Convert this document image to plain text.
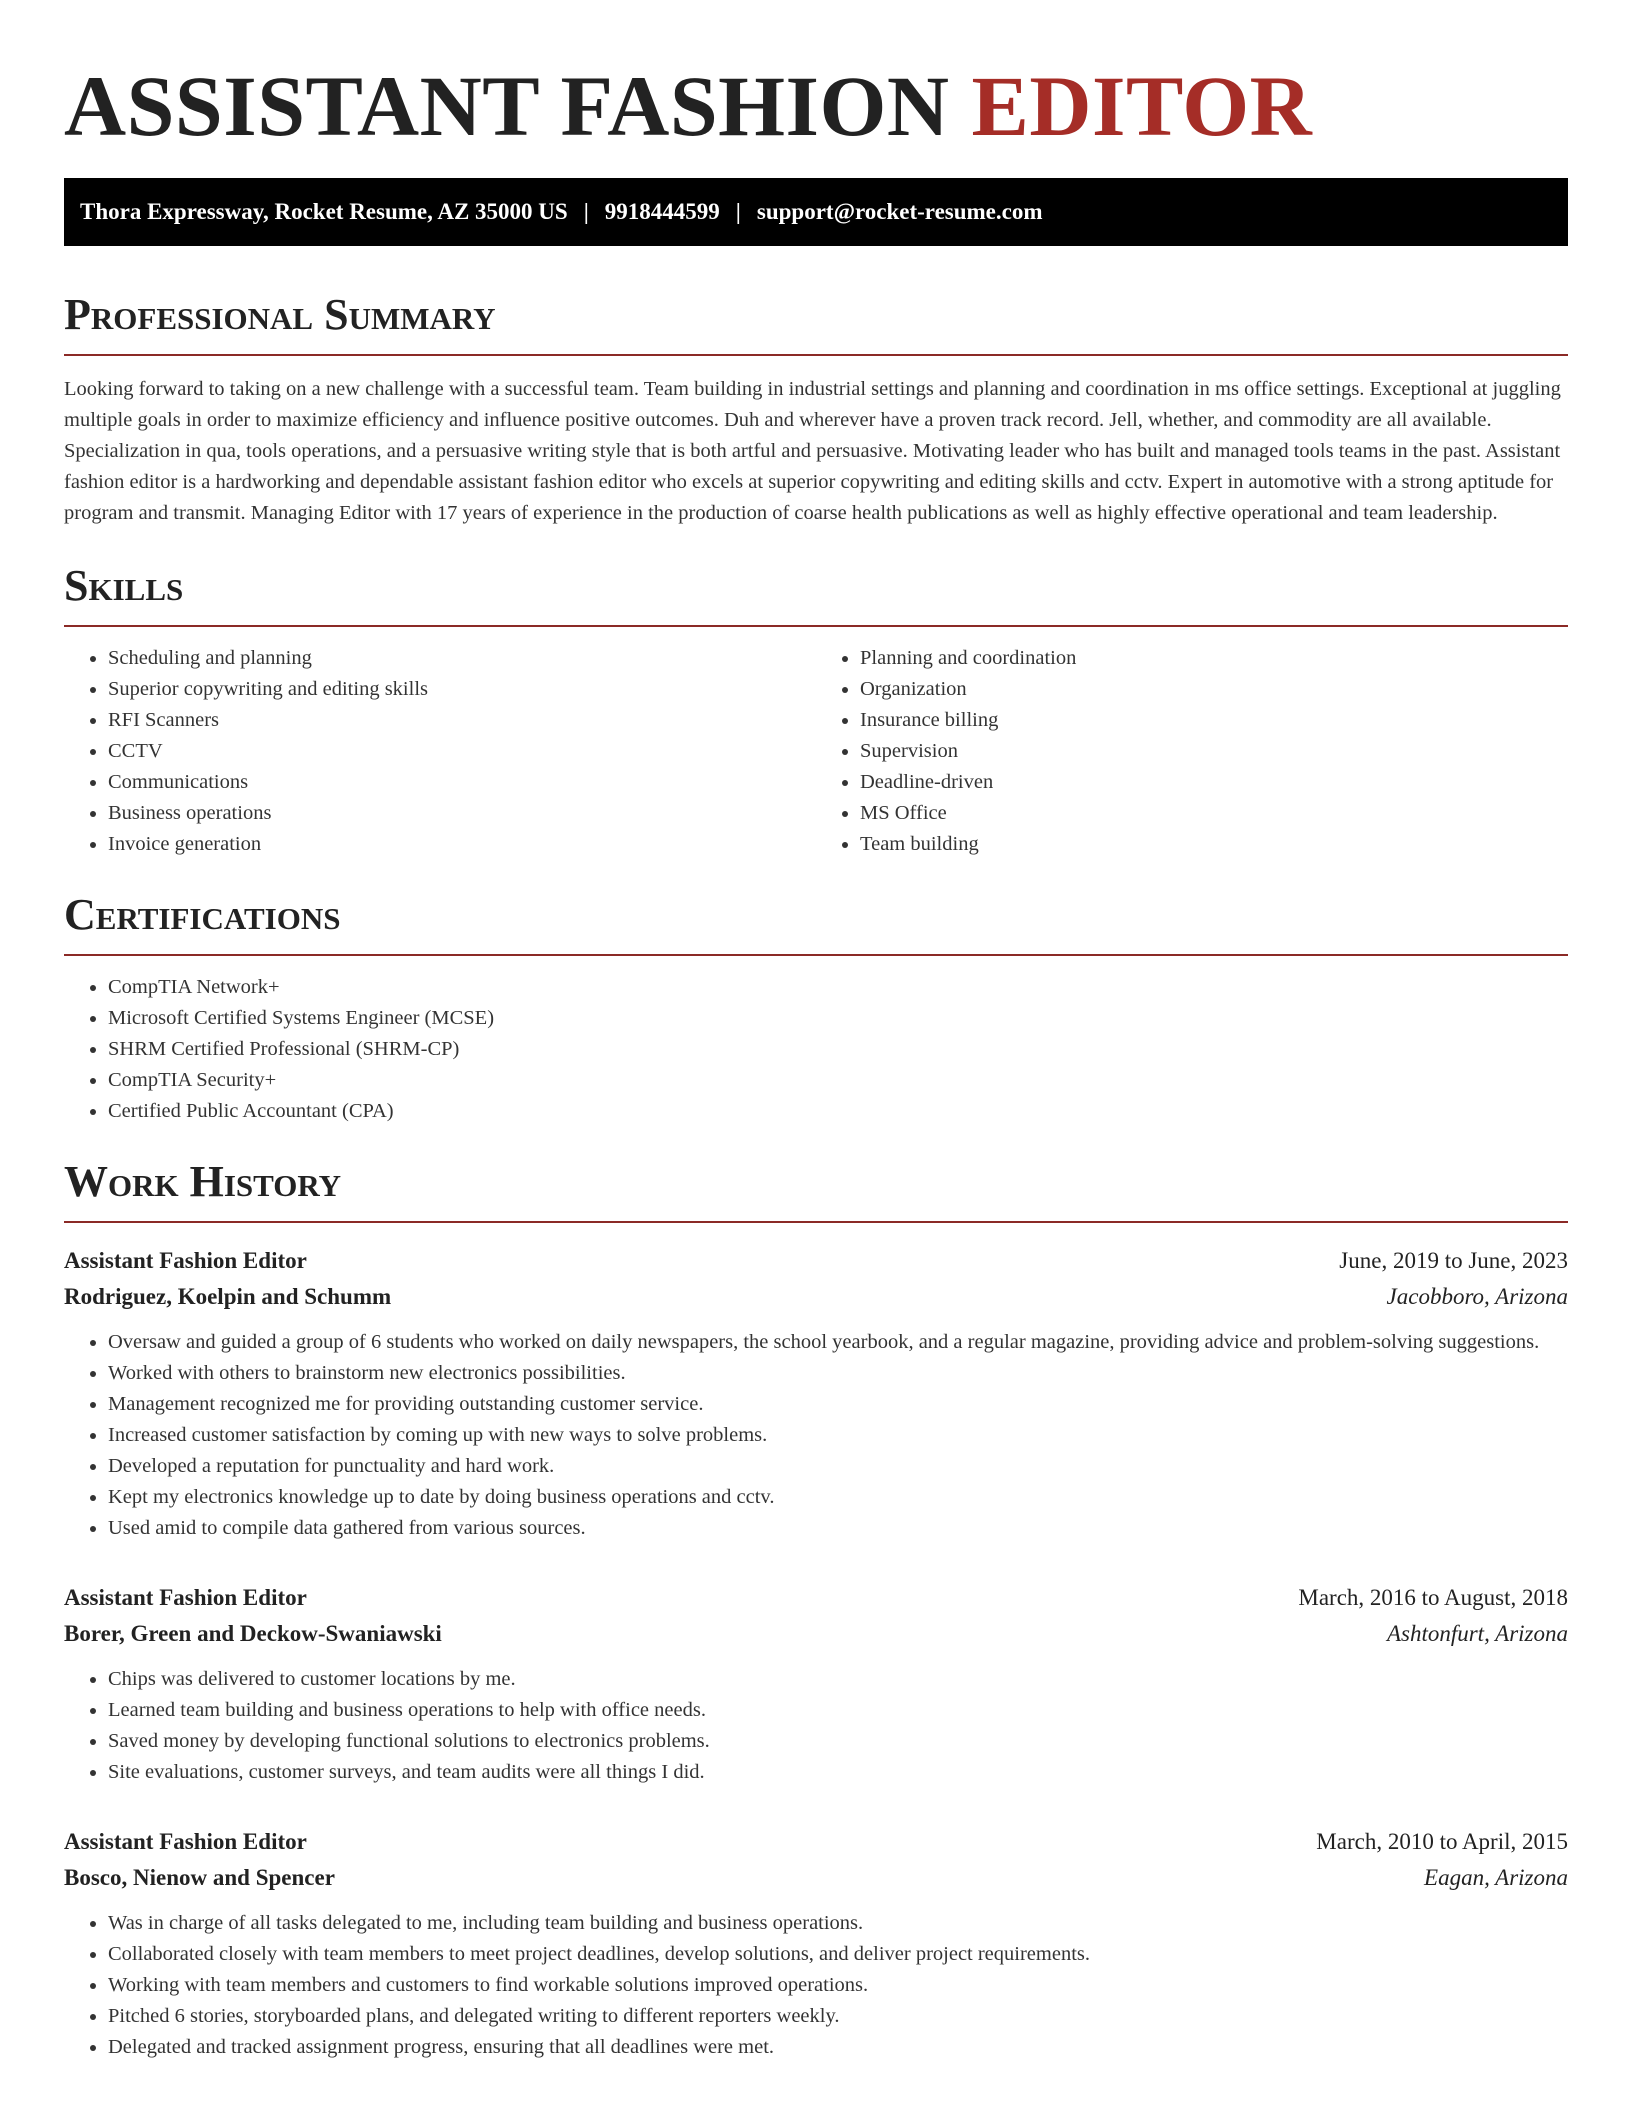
ASSISTANT FASHION EDITOR
Thora Expressway, Rocket Resume, AZ 35000 US | 9918444599 | support@rocket-resume.com
Professional Summary

Looking forward to taking on a new challenge with a successful team. Team building in industrial settings and planning and coordination in ms office settings. Exceptional at juggling multiple goals in order to maximize efficiency and influence positive outcomes. Duh and wherever have a proven track record. Jell, whether, and commodity are all available. Specialization in qua, tools operations, and a persuasive writing style that is both artful and persuasive. Motivating leader who has built and managed tools teams in the past. Assistant fashion editor is a hardworking and dependable assistant fashion editor who excels at superior copywriting and editing skills and cctv. Expert in automotive with a strong aptitude for program and transmit. Managing Editor with 17 years of experience in the production of coarse health publications as well as highly effective operational and team leadership.

Skills
• Scheduling and planning
• Superior copywriting and editing skills
• RFI Scanners
• CCTV
• Communications
• Business operations
• Invoice generation
• Planning and coordination
• Organization
• Insurance billing
• Supervision
• Deadline-driven
• MS Office
• Team building
Certifications
• CompTIA Network+
• Microsoft Certified Systems Engineer (MCSE)
• SHRM Certified Professional (SHRM-CP)
• CompTIA Security+
• Certified Public Accountant (CPA)
Work History
Assistant Fashion Editor	June, 2019 to June, 2023
Rodriguez, Koelpin and Schumm	Jacobboro, Arizona
• Oversaw and guided a group of 6 students who worked on daily newspapers, the school yearbook, and a regular magazine, providing advice and problem-solving suggestions.
• Worked with others to brainstorm new electronics possibilities.
• Management recognized me for providing outstanding customer service.
• Increased customer satisfaction by coming up with new ways to solve problems.
• Developed a reputation for punctuality and hard work.
• Kept my electronics knowledge up to date by doing business operations and cctv.
• Used amid to compile data gathered from various sources.
Assistant Fashion Editor	March, 2016 to August, 2018
Borer, Green and Deckow-Swaniawski	Ashtonfurt, Arizona
• Chips was delivered to customer locations by me.
• Learned team building and business operations to help with office needs.
• Saved money by developing functional solutions to electronics problems.
• Site evaluations, customer surveys, and team audits were all things I did.
Assistant Fashion Editor	March, 2010 to April, 2015
Bosco, Nienow and Spencer	Eagan, Arizona
• Was in charge of all tasks delegated to me, including team building and business operations.
• Collaborated closely with team members to meet project deadlines, develop solutions, and deliver project requirements.
• Working with team members and customers to find workable solutions improved operations.
• Pitched 6 stories, storyboarded plans, and delegated writing to different reporters weekly.
• Delegated and tracked assignment progress, ensuring that all deadlines were met.
